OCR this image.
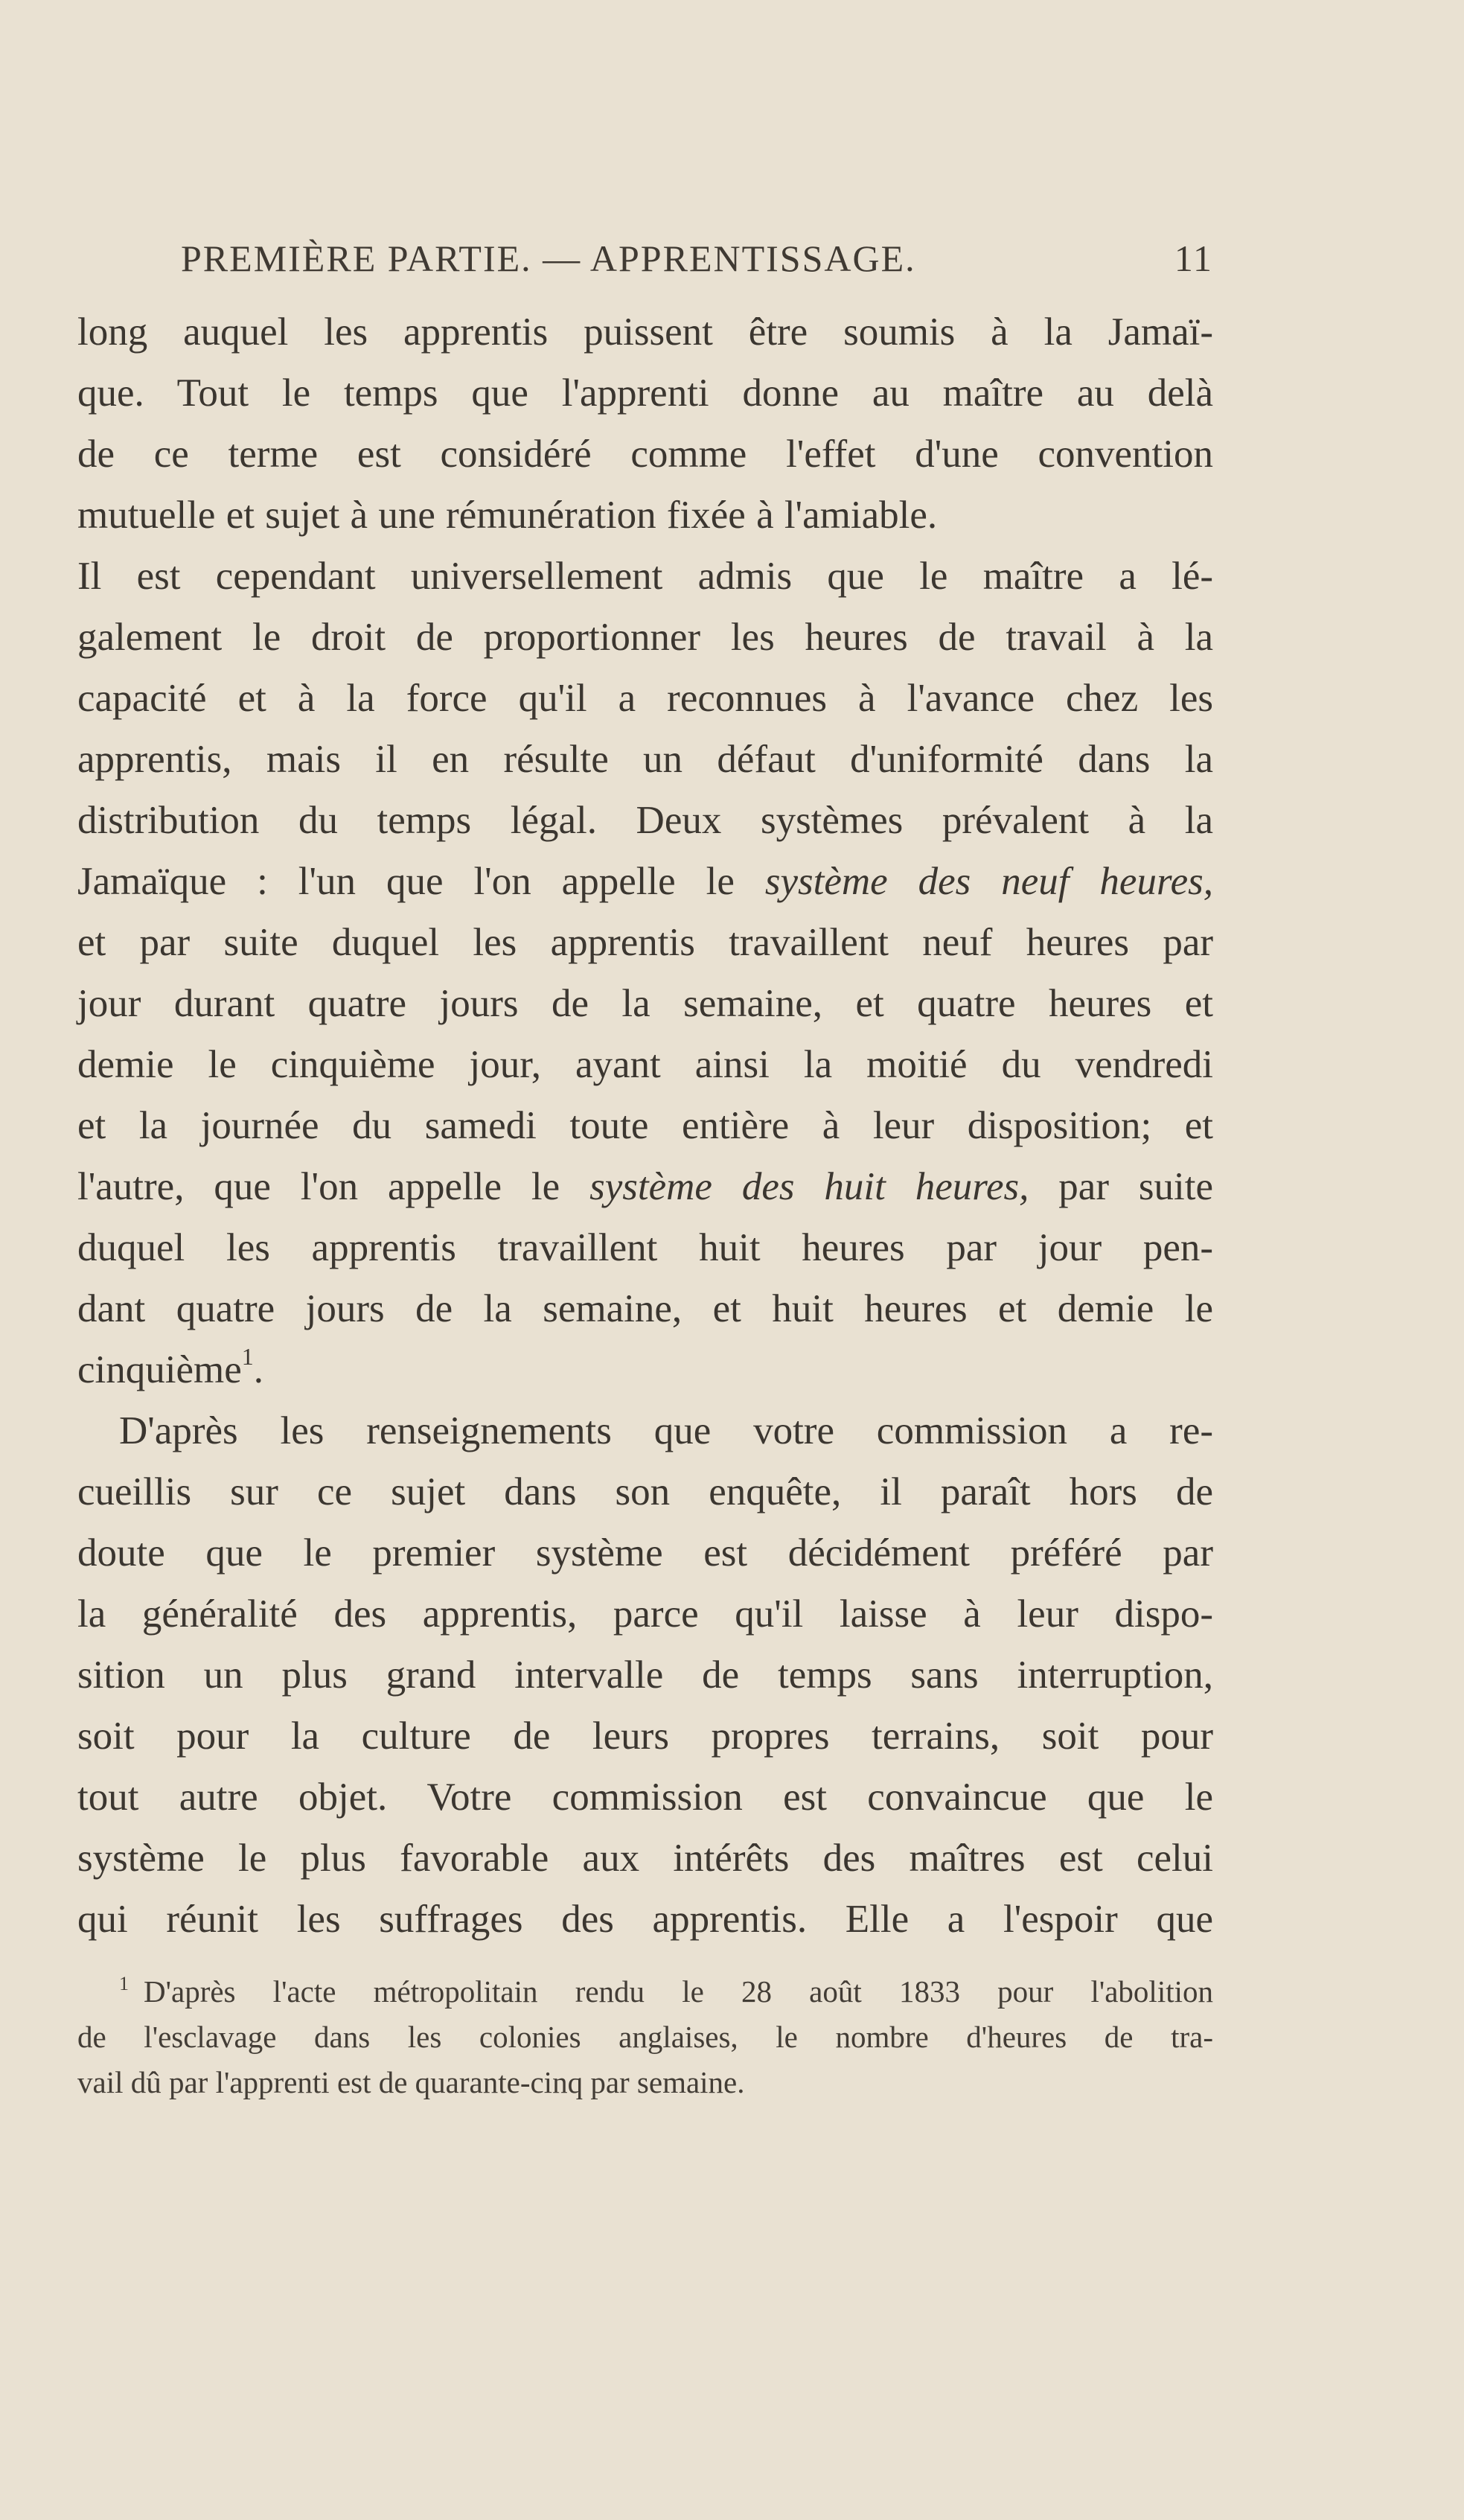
PREMIÈRE PARTIE. — APPRENTISSAGE.	11
long auquel les apprentis puissent être soumis à la Jamaï-
que. Tout le temps que l'apprenti donne au maître au delà
de ce terme est considéré comme l'effet d'une convention
mutuelle et sujet à une rémunération fixée à l'amiable.
Il est cependant universellement admis que le maître a lé-
galement le droit de proportionner les heures de travail à la
capacité et à la force qu'il a reconnues à l'avance chez les
apprentis, mais il en résulte un défaut d'uniformité dans la
distribution du temps légal. Deux systèmes prévalent à la
Jamaïque : l'un que l'on appelle le système des neuf heures,
et par suite duquel les apprentis travaillent neuf heures par
jour durant quatre jours de la semaine, et quatre heures et
demie le cinquième jour, ayant ainsi la moitié du vendredi
et la journée du samedi toute entière à leur disposition; et
l'autre, que l'on appelle le système des huit heures, par suite
duquel les apprentis travaillent huit heures par jour pen-
dant quatre jours de la semaine, et huit heures et demie le
cinquième$^1$.
D'après les renseignements que votre commission a re-
cueillis sur ce sujet dans son enquête, il paraît hors de
doute que le premier système est décidément préféré par
la généralité des apprentis, parce qu'il laisse à leur dispo-
sition un plus grand intervalle de temps sans interruption,
soit pour la culture de leurs propres terrains, soit pour
tout autre objet. Votre commission est convaincue que le
système le plus favorable aux intérêts des maîtres est celui
qui réunit les suffrages des apprentis. Elle a l'espoir que
$^1$ D'après l'acte métropolitain rendu le 28 août 1833 pour l'abolition
de l'esclavage dans les colonies anglaises, le nombre d'heures de tra-
vail dû par l'apprenti est de quarante-cinq par semaine.
